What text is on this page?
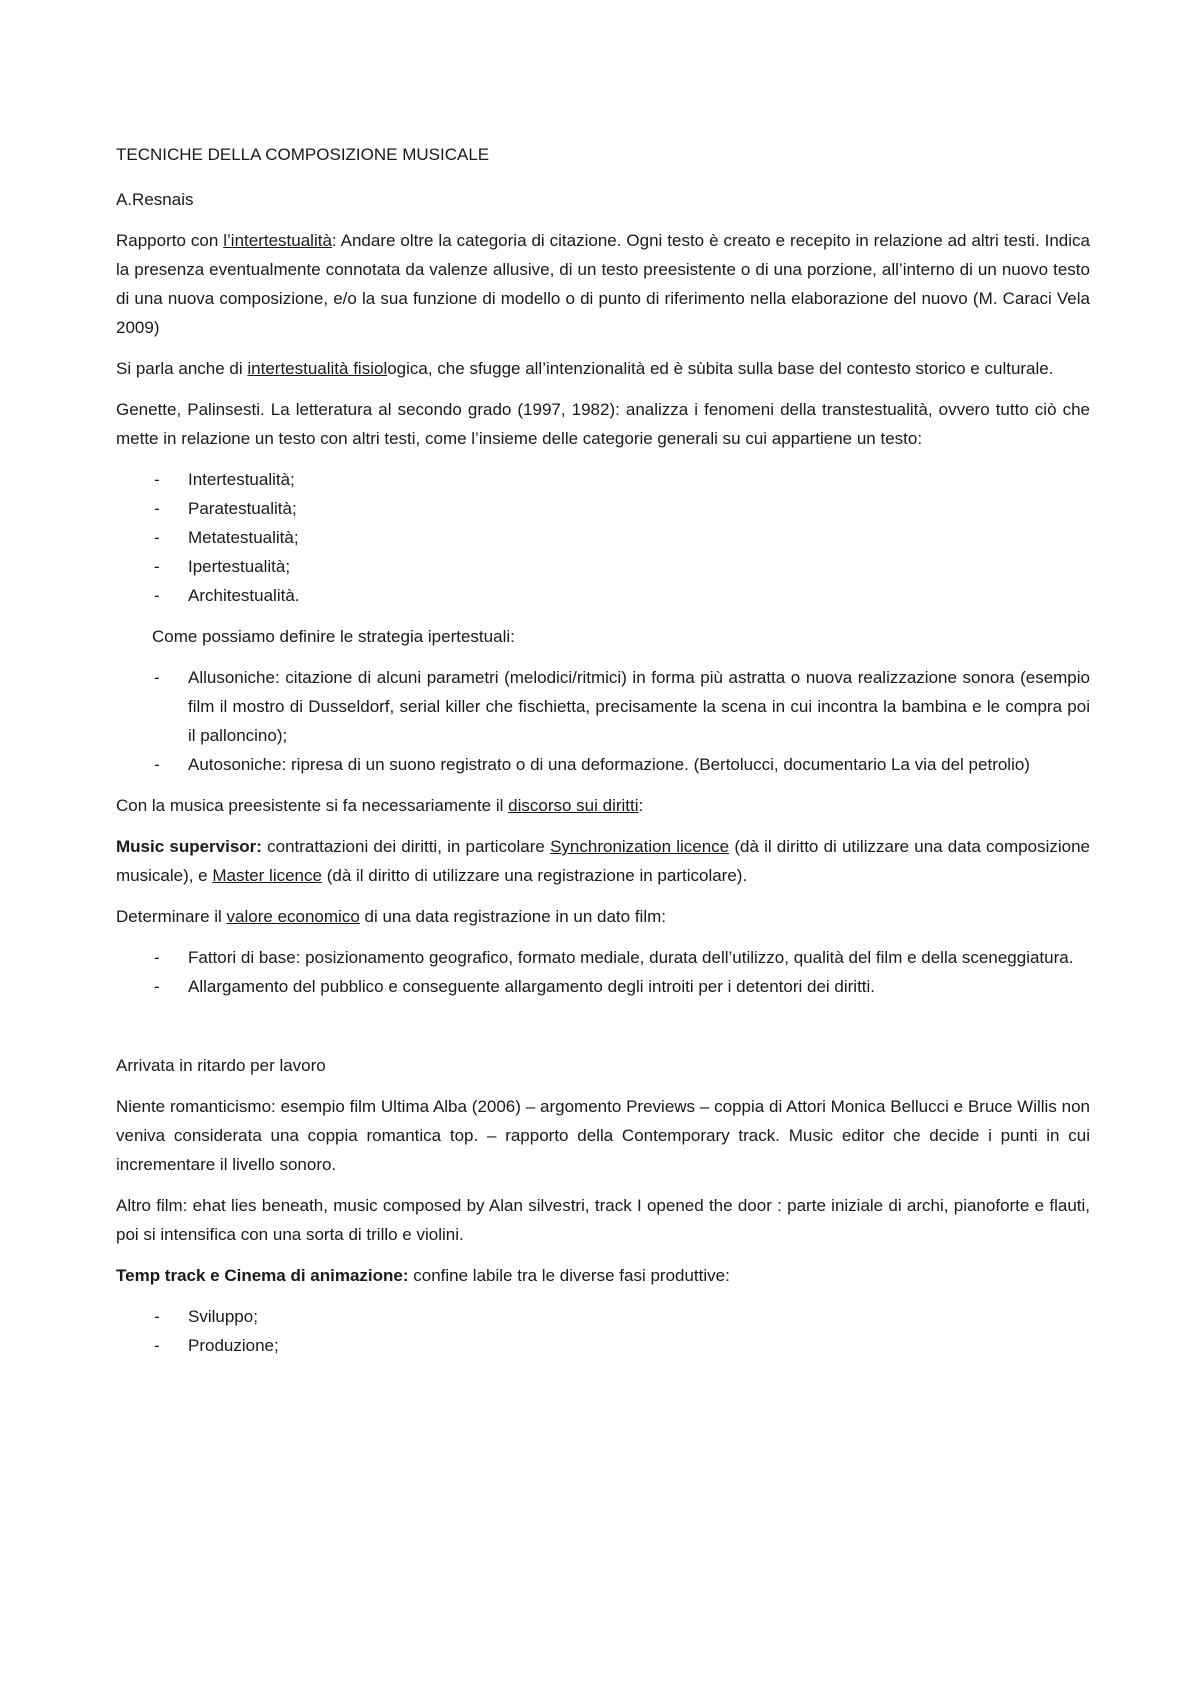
TECNICHE DELLA COMPOSIZIONE MUSICALE

A.Resnais

Rapporto con l’intertestualità: Andare oltre la categoria di citazione. Ogni testo è creato e recepito in relazione ad altri testi. Indica la presenza eventualmente connotata da valenze allusive, di un testo preesistente o di una porzione, all’interno di un nuovo testo di una nuova composizione, e/o la sua funzione di modello o di punto di riferimento nella elaborazione del nuovo (M. Caraci Vela 2009)

Si parla anche di intertestualità fisiologica, che sfugge all’intenzionalità ed è sùbita sulla base del contesto storico e culturale.

Genette, Palinsesti. La letteratura al secondo grado (1997, 1982): analizza i fenomeni della transtestualità, ovvero tutto ciò che mette in relazione un testo con altri testi, come l’insieme delle categorie generali su cui appartiene un testo:

- Intertestualità;
- Paratestualità;
- Metatestualità;
- Ipertestualità;
- Architestualità.

Come possiamo definire le strategia ipertestuali:

- Allusoniche: citazione di alcuni parametri (melodici/ritmici) in forma più astratta o nuova realizzazione sonora (esempio film il mostro di Dusseldorf, serial killer che fischietta, precisamente la scena in cui incontra la bambina e le compra poi il palloncino);
- Autosoniche: ripresa di un suono registrato o di una deformazione. (Bertolucci, documentario La via del petrolio)

Con la musica preesistente si fa necessariamente il discorso sui diritti:

Music supervisor: contrattazioni dei diritti, in particolare Synchronization licence (dà il diritto di utilizzare una data composizione musicale), e Master licence (dà il diritto di utilizzare una registrazione in particolare).

Determinare il valore economico di una data registrazione in un dato film:

- Fattori di base: posizionamento geografico, formato mediale, durata dell’utilizzo, qualità del film e della sceneggiatura.
- Allargamento del pubblico e conseguente allargamento degli introiti per i detentori dei diritti.

Arrivata in ritardo per lavoro

Niente romanticismo: esempio film Ultima Alba (2006) – argomento Previews – coppia di Attori Monica Bellucci e Bruce Willis non veniva considerata una coppia romantica top. – rapporto della Contemporary track. Music editor che decide i punti in cui incrementare il livello sonoro.

Altro film: ehat lies beneath, music composed by Alan silvestri, track I opened the door : parte iniziale di archi, pianoforte e flauti, poi si intensifica con una sorta di trillo e violini.

Temp track e Cinema di animazione: confine labile tra le diverse fasi produttive:

- Sviluppo;
- Produzione;
